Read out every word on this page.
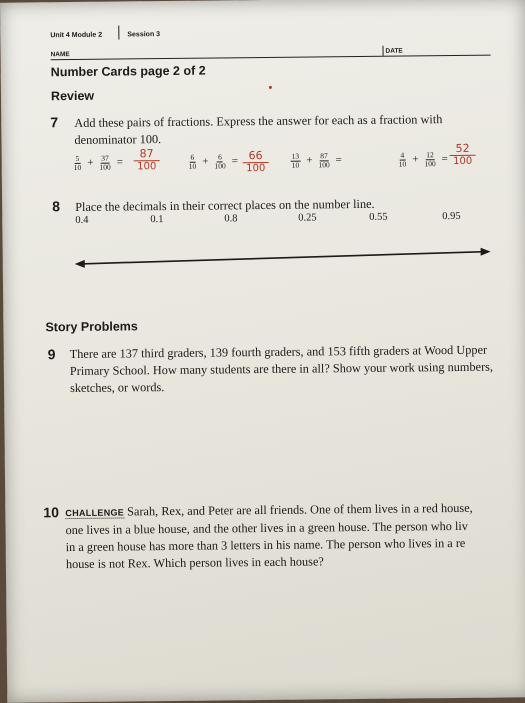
Unit 4 Module 2	Session 3
NAME	DATE
Number Cards page 2 of 2
Review
7 Add these pairs of fractions. Express the answer for each as a fraction with denominator 100.
$\frac{5}{10} + \frac{37}{100} = \frac{87}{100}$	$\frac{6}{10} + \frac{6}{100} = \frac{66}{100}$	$\frac{13}{10} + \frac{87}{100}$ =	$\frac{4}{10} + \frac{12}{100} = \frac{52}{100}$
8 Place the decimals in their correct places on the number line.
0.4	0.1	0.8	0.25	0.55	0.95
Story Problems
9 There are 137 third graders, 139 fourth graders, and 153 fifth graders at Wood Upper Primary School. How many students are there in all? Show your work using numbers, sketches, or words.
10 CHALLENGE Sarah, Rex, and Peter are all friends. One of them lives in a red house,
one lives in a blue house, and the other lives in a green house. The person who liv
in a green house has more than 3 letters in his name. The person who lives in a re
house is not Rex. Which person lives in each house?
